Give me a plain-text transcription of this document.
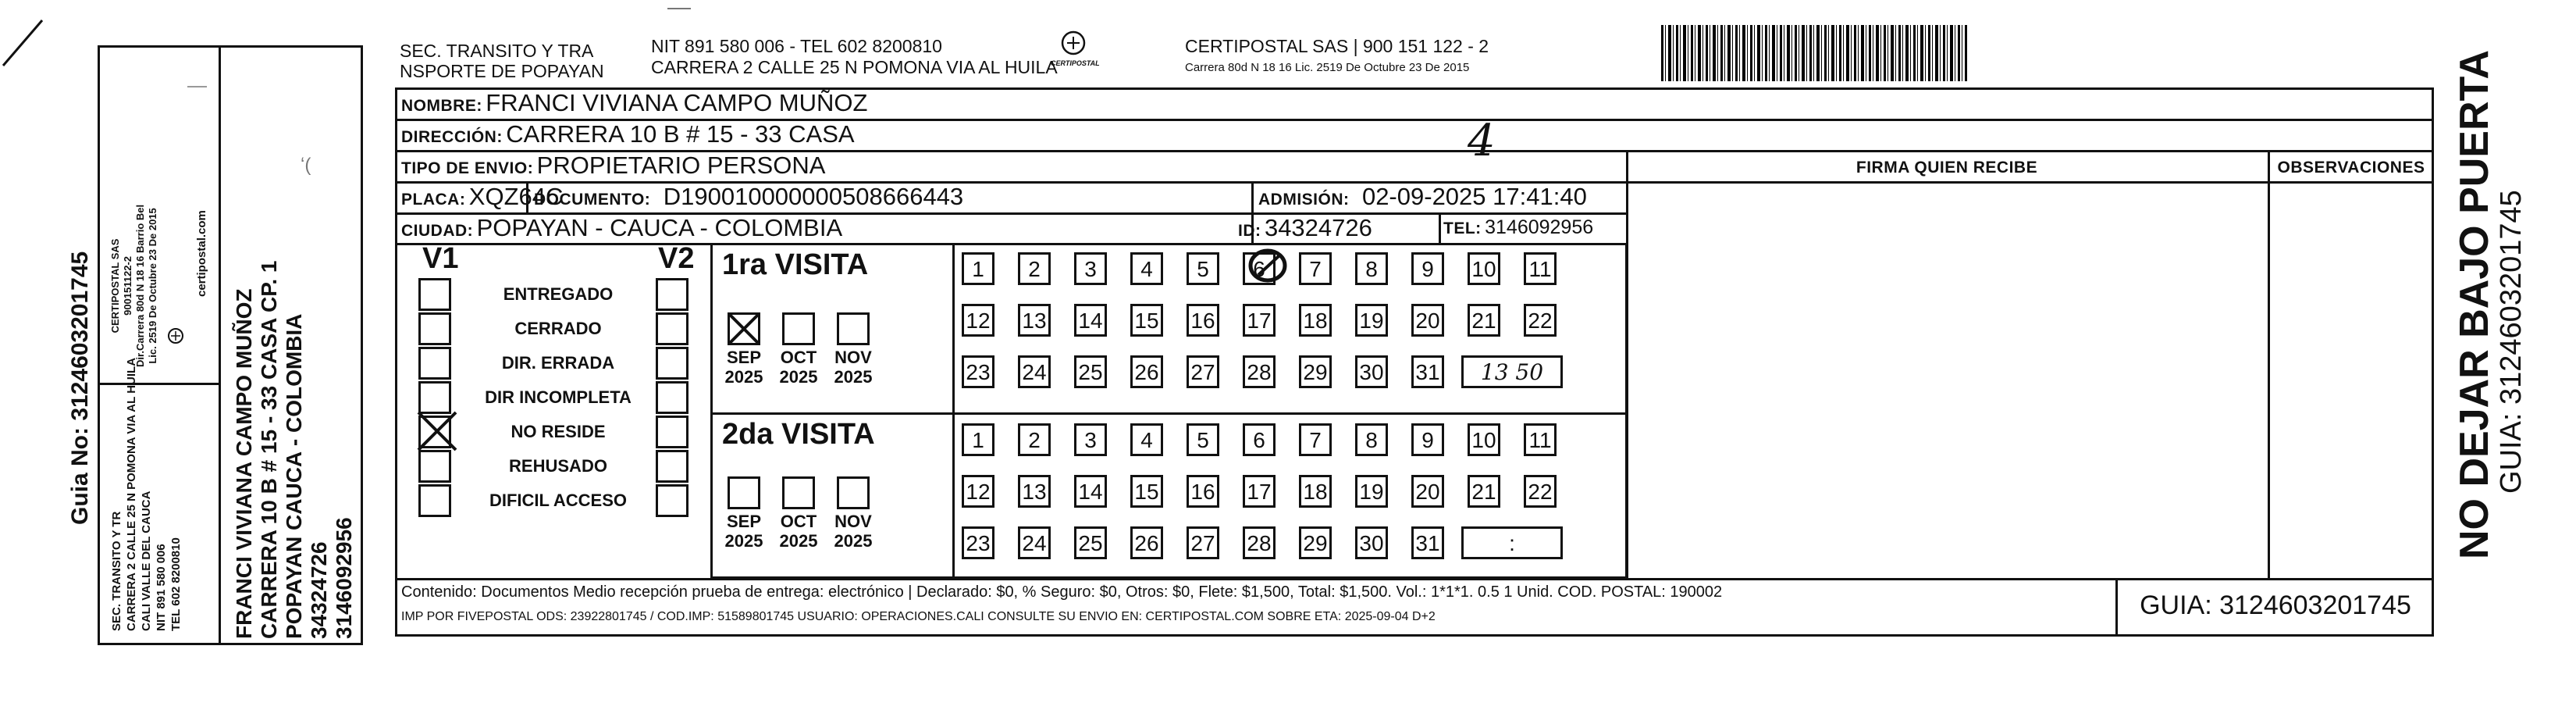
Guia No: 3124603201745
SEC. TRANSITO Y TR CARRERA 2 CALLE 25 N POMONA VIA AL HUILA CALI VALLE DEL CAUCA NIT 891 580 006 TEL 602 8200810
CERTIPOSTAL SAS 900151122-2 Dir.Carrera 80d N 18 16 Barrio Bel Lic. 2519 De Octubre 23 De 2015	certipostal.com
ʻ(
FRANCI VIVIANA CAMPO MUÑOZ CARRERA 10 B # 15 - 33 CASA CP. 1 POPAYAN CAUCA - COLOMBIA 34324726 3146092956
SEC. TRANSITO Y TRA
NSPORTE DE POPAYAN
NIT 891 580 006 - TEL 602 8200810
CARRERA 2 CALLE 25 N POMONA VIA AL HUILA
CERTIPOSTAL
CERTIPOSTAL SAS | 900 151 122 - 2
Carrera 80d N 18 16 Lic. 2519 De Octubre 23 De 2015
NOMBRE: FRANCI VIVIANA CAMPO MUÑOZ
DIRECCIÓN: CARRERA 10 B # 15 - 33 CASA	4
TIPO DE ENVIO: PROPIETARIO PERSONA	FIRMA QUIEN RECIBE	OBSERVACIONES
PLACA: XQZ64C
DOCUMENTO: D190010000000508666443	ADMISIÓN: 02-09-2025 17:41:40
CIUDAD: POPAYAN - CAUCA - COLOMBIA	ID: 34324726	TEL: 3146092956
V1	V2
ENTREGADO
CERRADO
DIR. ERRADA
DIR INCOMPLETA
NO RESIDE
REHUSADO
DIFICIL ACCESO
1ra VISITA
2da VISITA
SEP
2025
OCT
2025
NOV
2025
SEP
2025
OCT
2025
NOV
2025
1	2	3	4	5	6	7	8	9	10 11
12 13 14 15 16 17 18 19 20 21 22
23 24 25 26 27 28 29 30 31	13 50
1	2	3	4	5	6	7	8	9	10 11
12 13 14 15 16 17 18 19 20 21 22
23 24 25 26 27 28 29 30 31	:
Contenido: Documentos Medio recepción prueba de entrega: electrónico | Declarado: $0, % Seguro: $0, Otros: $0, Flete: $1,500, Total: $1,500. Vol.: 1*1*1. 0.5 1 Unid. COD. POSTAL: 190002
IMP POR FIVEPOSTAL ODS: 23922801745 / COD.IMP: 51589801745 USUARIO: OPERACIONES.CALI CONSULTE SU ENVIO EN: CERTIPOSTAL.COM SOBRE ETA: 2025-09-04 D+2	GUIA: 3124603201745
NO DEJAR BAJO PUERTA
GUIA: 3124603201745
